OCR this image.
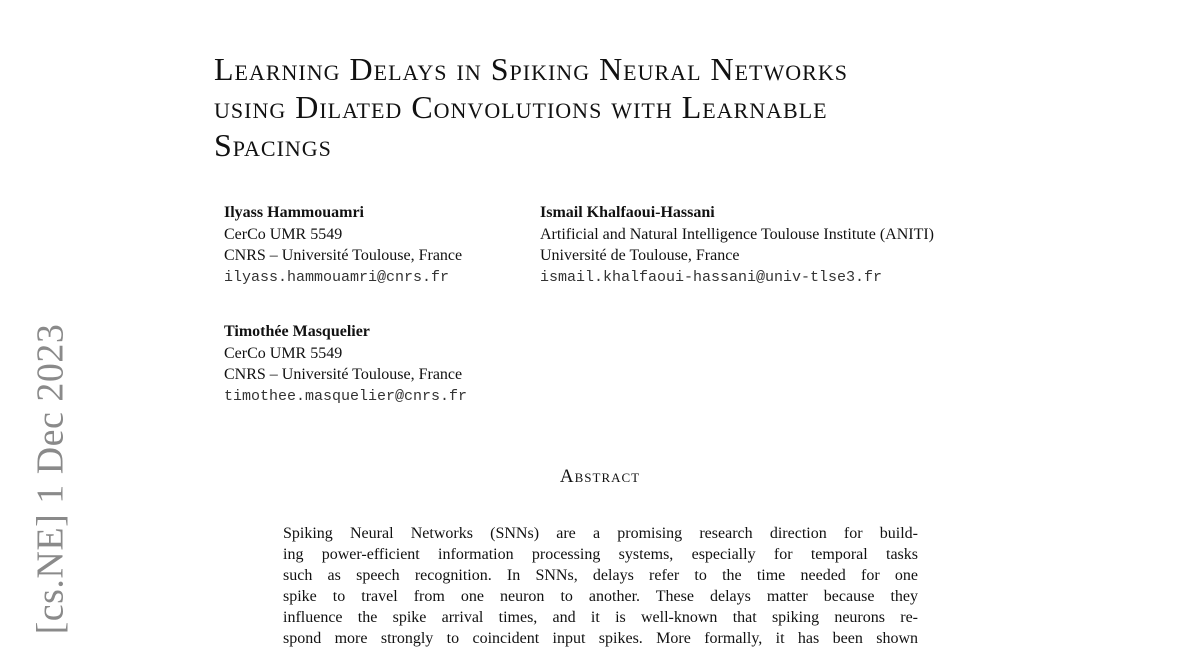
[cs.NE] 1 Dec 2023
Learning Delays in Spiking Neural Networks
using Dilated Convolutions with Learnable
Spacings
Ilyass Hammouamri
CerCo UMR 5549
CNRS – Université Toulouse, France
ilyass.hammouamri@cnrs.fr
Ismail Khalfaoui-Hassani
Artificial and Natural Intelligence Toulouse Institute (ANITI)
Université de Toulouse, France
ismail.khalfaoui-hassani@univ-tlse3.fr
Timothée Masquelier
CerCo UMR 5549
CNRS – Université Toulouse, France
timothee.masquelier@cnrs.fr
Abstract
Spiking Neural Networks (SNNs) are a promising research direction for build-
ing power-efficient information processing systems, especially for temporal tasks
such as speech recognition. In SNNs, delays refer to the time needed for one
spike to travel from one neuron to another. These delays matter because they
influence the spike arrival times, and it is well-known that spiking neurons re-
spond more strongly to coincident input spikes. More formally, it has been shown
